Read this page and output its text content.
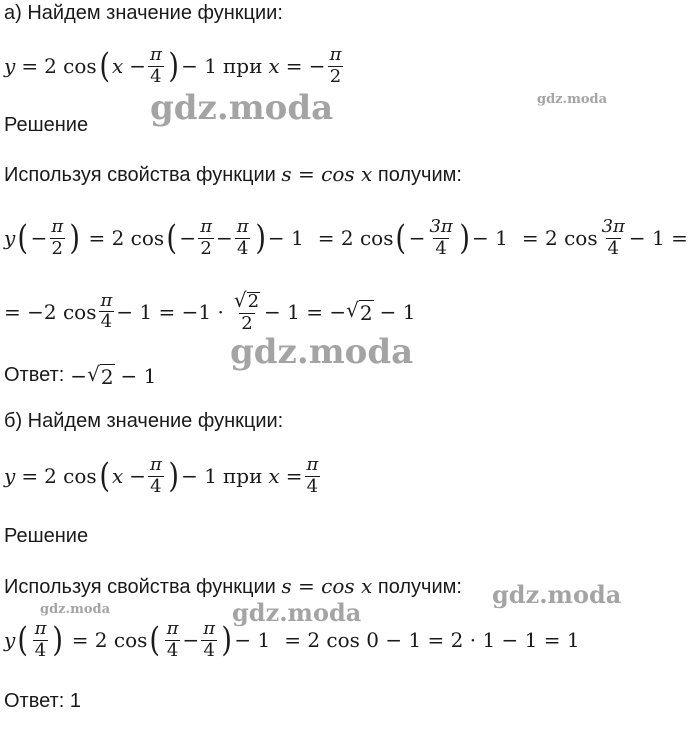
а) Найдем значение функции:
y = 2 cos ( $x - \frac{\pi}{4}$ ) − 1 при x = − $\frac{\pi}{2}$
Решение
Используя свойства функции s = cos x получим:
y ( − $\frac{\pi}{2}$ ) = 2 cos ( − $\frac{\pi}{2} - \frac{\pi}{4}$ ) − 1 = 2 cos ( − $\frac{3\pi}{4}$ ) − 1 = 2 $\cos \frac{3\pi}{4} - 1$ =
= −2 $\cos \frac{\pi}{4} - 1 = -1 \cdot \frac{√ 2}{2} - 1$ = − √ 2 − 1
Ответ: − √ 2 − 1
б) Найдем значение функции:
y = 2 cos ( $x - \frac{\pi}{4}$ ) − 1 при $x = \frac{\pi}{4}$
Решение
Используя свойства функции s = cos x получим:
y ( $\frac{\pi}{4}$ ) = 2 cos ( $\frac{\pi}{4} - \frac{\pi}{4}$ ) − 1 = 2 cos 0 − 1 = 2 · 1 − 1 = 1
Ответ: 1
gdz.moda	gdz.moda
gdz.moda
gdz.moda	gdz.moda
gdz.moda
